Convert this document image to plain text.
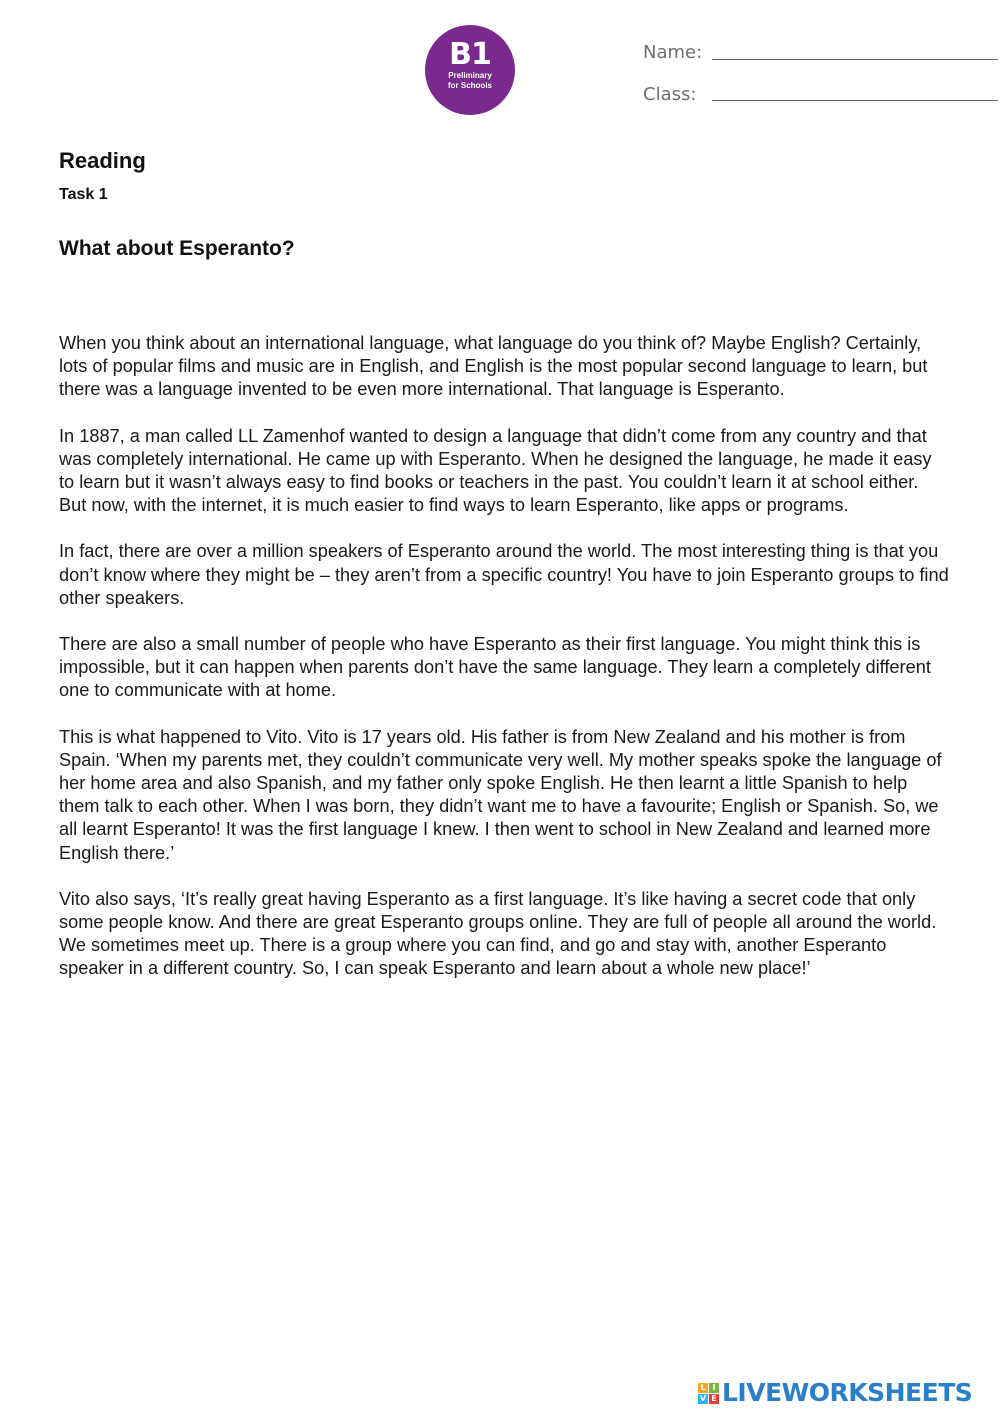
B1
Preliminary
for Schools
Name:
Class:
Reading
Task 1
What about Esperanto?

When you think about an international language, what language do you think of? Maybe English? Certainly, lots of popular films and music are in English, and English is the most popular second language to learn, but there was a language invented to be even more international. That language is Esperanto.

In 1887, a man called LL Zamenhof wanted to design a language that didn’t come from any country and that was completely international. He came up with Esperanto. When he designed the language, he made it easy to learn but it wasn’t always easy to find books or teachers in the past. You couldn’t learn it at school either. But now, with the internet, it is much easier to find ways to learn Esperanto, like apps or programs.

In fact, there are over a million speakers of Esperanto around the world. The most interesting thing is that you don’t know where they might be – they aren’t from a specific country! You have to join Esperanto groups to find other speakers.

There are also a small number of people who have Esperanto as their first language. You might think this is impossible, but it can happen when parents don’t have the same language. They learn a completely different one to communicate with at home.

This is what happened to Vito. Vito is 17 years old. His father is from New Zealand and his mother is from Spain. ‘When my parents met, they couldn’t communicate very well. My mother speaks spoke the language of her home area and also Spanish, and my father only spoke English. He then learnt a little Spanish to help them talk to each other. When I was born, they didn’t want me to have a favourite; English or Spanish. So, we all learnt Esperanto! It was the first language I knew. I then went to school in New Zealand and learned more English there.’

Vito also says, ‘It’s really great having Esperanto as a first language. It’s like having a secret code that only some people know. And there are great Esperanto groups online. They are full of people all around the world. We sometimes meet up. There is a group where you can find, and go and stay with, another Esperanto speaker in a different country. So, I can speak Esperanto and learn about a whole new place!’

L I
V E LIVEWORKSHEETS
